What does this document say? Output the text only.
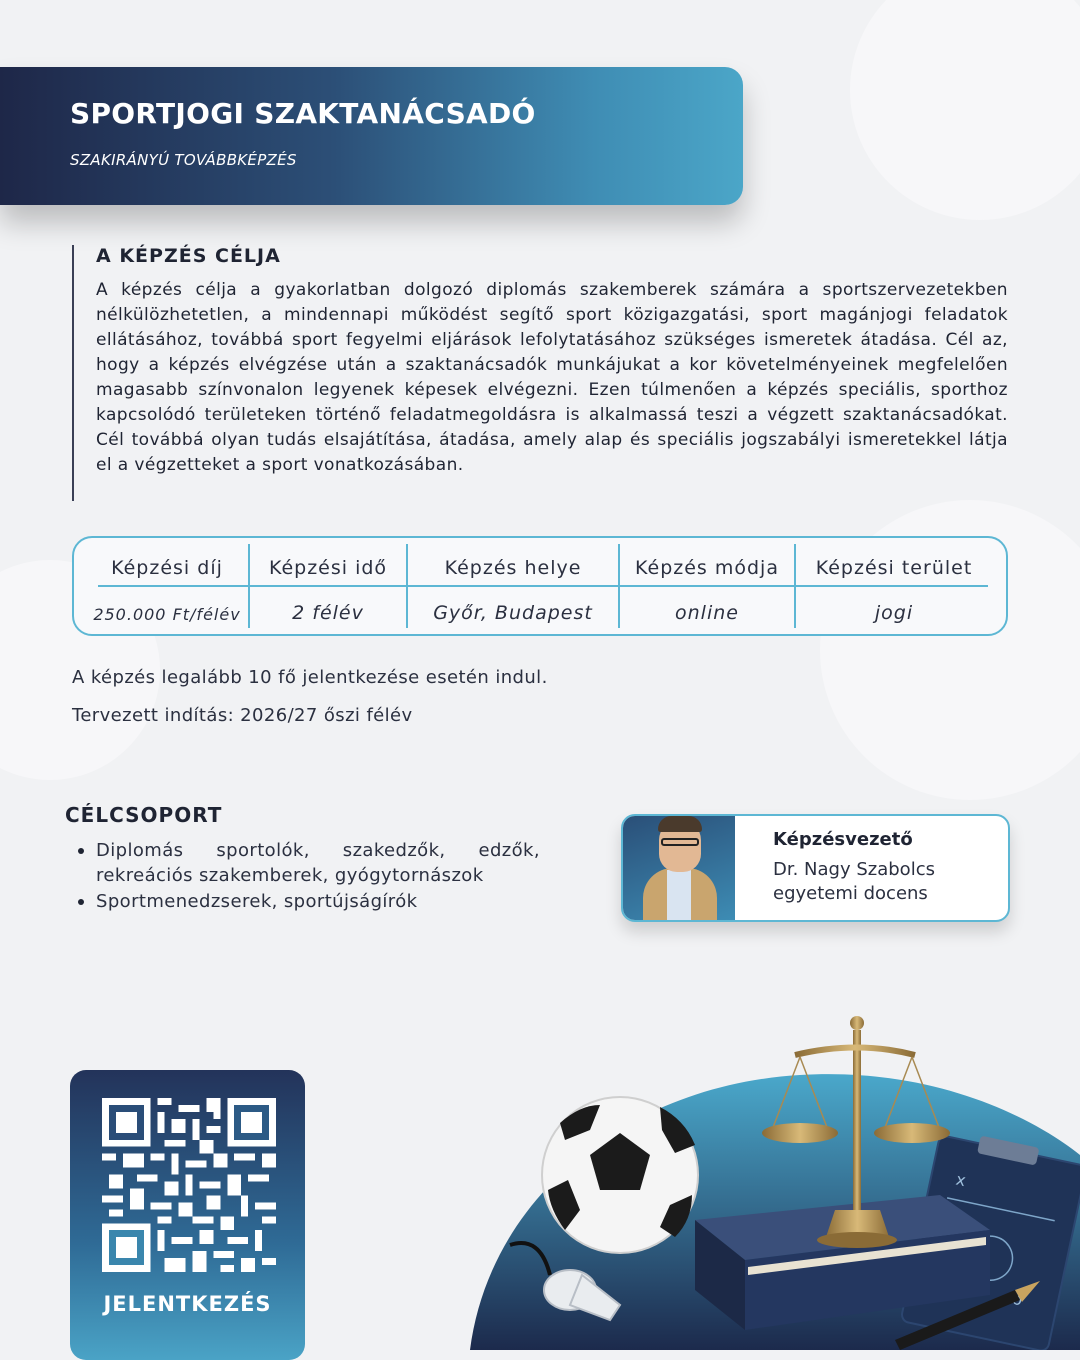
SPORTJOGI SZAKTANÁCSADÓ

SZAKIRÁNYÚ TOVÁBBKÉPZÉS

A KÉPZÉS CÉLJA

A képzés célja a gyakorlatban dolgozó diplomás szakemberek számára a sportszervezetekben nélkülözhetetlen, a mindennapi működést segítő sport közigazgatási, sport magánjogi feladatok ellátásához, továbbá sport fegyelmi eljárások lefolytatásához szükséges ismeretek átadása. Cél az, hogy a képzés elvégzése után a szaktanácsadók munkájukat a kor követelményeinek megfelelően magasabb színvonalon legyenek képesek elvégezni. Ezen túlmenően a képzés speciális, sporthoz kapcsolódó területeken történő feladatmegoldásra is alkalmassá teszi a végzett szaktanácsadókat. Cél továbbá olyan tudás elsajátítása, átadása, amely alap és speciális jogszabályi ismeretekkel látja el a végzetteket a sport vonatkozásában.

Képzési díj
250.000 Ft/félév
Képzési idő
2 félév
Képzés helye
Győr, Budapest
Képzés módja
online
Képzési terület
jogi

A képzés legalább 10 fő jelentkezése esetén indul.

Tervezett indítás: 2026/27 őszi félév

CÉLCSOPORT
Diplomás sportolók, szakedzők, edzők, rekreációs szakemberek, gyógytornászok
Sportmenedzserek, sportújságírók

Képzésvezető

Dr. Nagy Szabolcs

egyetemi docens

JELENTKEZÉS

x
